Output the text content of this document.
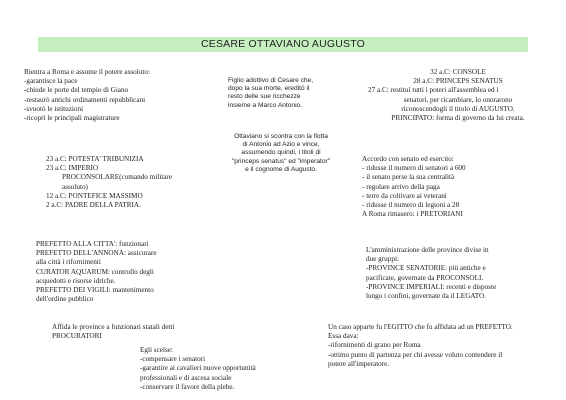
CESARE OTTAVIANO AUGUSTO
Rientra a Roma e assume il potere assoluto:
-garantisce la pace
-chiude le porte del tempio di Giano
-restaurò antichi ordinamenti repubblicani
-svuotò le istituzioni
-ricoprì le principali magistrature
Figlio adottivo di Cesare che,
dopo la sua morte, ereditò il
resto delle sue ricchezze
insieme a Marco Antonio.
32 a.C: CONSOLE
28 a.C: PRINCEPS SENATUS
27 a.C: restituì tutti i poteri all'assemblea ed i
senatori, per ricambiare, lo onorarono
riconoscendogli il titolo di AUGUSTO.
PRINCIPATO: forma di governo da lui creata.
Ottaviano si scontra con la flotta
di Antonio ad Azio e vince,
assumendo quindi, i titoli di
"princeps senatus" ed "imperator"
e il cognome di Augusto.
23 a.C: POTESTA' TRIBUNIZIA
23 a.C: IMPERIO
PROCONSOLARE(comando militare
assoluto)
12 a.C: PONTEFICE MASSIMO
2 a.C: PADRE DELLA PATRIA.
Accordo con senato ed esercito:
- ridusse il numero di senatori a 600
- il senato perse la sua centralità
- regolare arrivo della paga
- terre da coltivare ai veterani
- ridusse il numero di legioni a 28
A Roma rimasero: i PRETORIANI
PREFETTO ALLA CITTA': funzionari
PREFETTO DELL'ANNONA: assicurare
alla città i rifornimenti
CURATOR AQUARUM: controllo degli
acquedotti e risorse idriche.
PREFETTO DEI VIGILI: mantenimento
dell'ordine pubblico
L'amministrazione delle province divise in
due gruppi:
-PROVINCE SENATORIE: più antiche e
pacificate, governate da PROCONSOLI.
-PROVINCE IMPERIALI: recenti e disposte
lungo i confini, governate da il LEGATO.
Affida le province a funzionari statali detti
PROCURATORI
Un caso apparte fu l'EGITTO che fu affidata ad un PREFETTO.
Essa dava:
-rifornimenti di grano per Roma
-ottimo punto di partenza per chi avesse voluto contendere il
potere all'imperatore.
Egli scelse:
-compensare i senatori
-garantire ai cavalieri nuove opportunità
professionali e di ascesa sociale
-conservare il favore della plebe.
